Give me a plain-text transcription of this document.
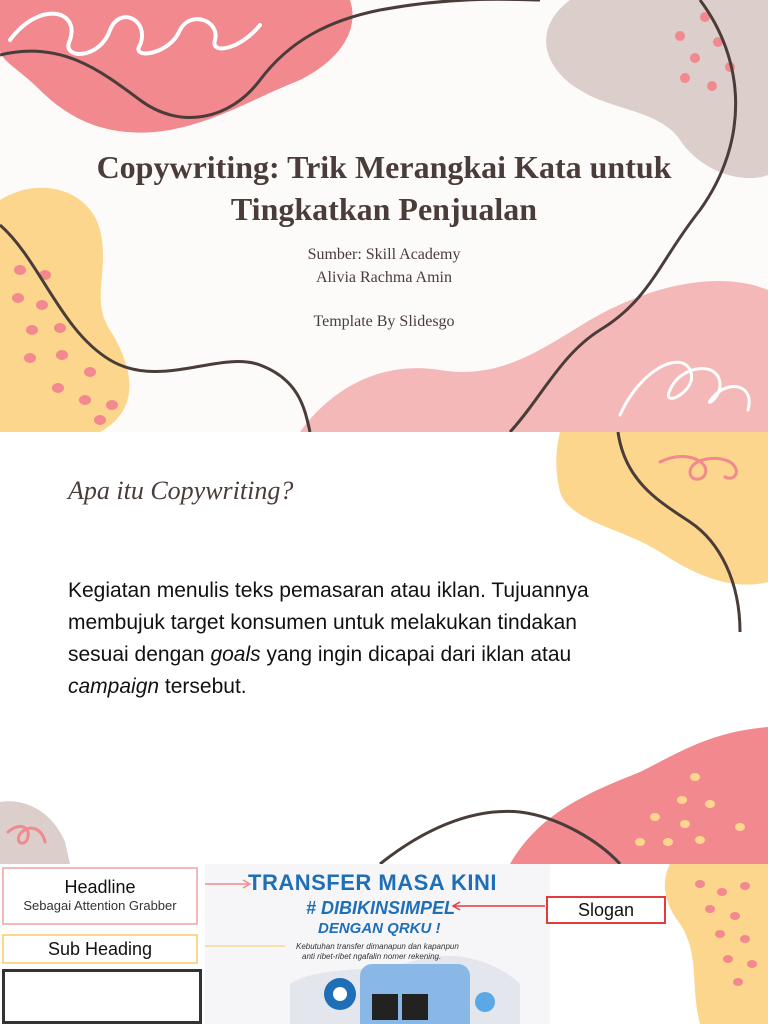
Copywriting: Trik Merangkai Kata untuk Tingkatkan Penjualan
Sumber: Skill Academy
Alivia Rachma Amin
Template By Slidesgo
Apa itu Copywriting?
Kegiatan menulis teks pemasaran atau iklan. Tujuannya membujuk target konsumen untuk melakukan tindakan sesuai dengan goals yang ingin dicapai dari iklan atau campaign tersebut.
TRANSFER MASA KINI
# DIBIKINSIMPEL
DENGAN QRKU !
Kebutuhan transfer dimanapun dan kapanpun
anti ribet-ribet ngafalin nomer rekening.
Headline
Sebagai Attention Grabber
Sub Heading
Slogan
